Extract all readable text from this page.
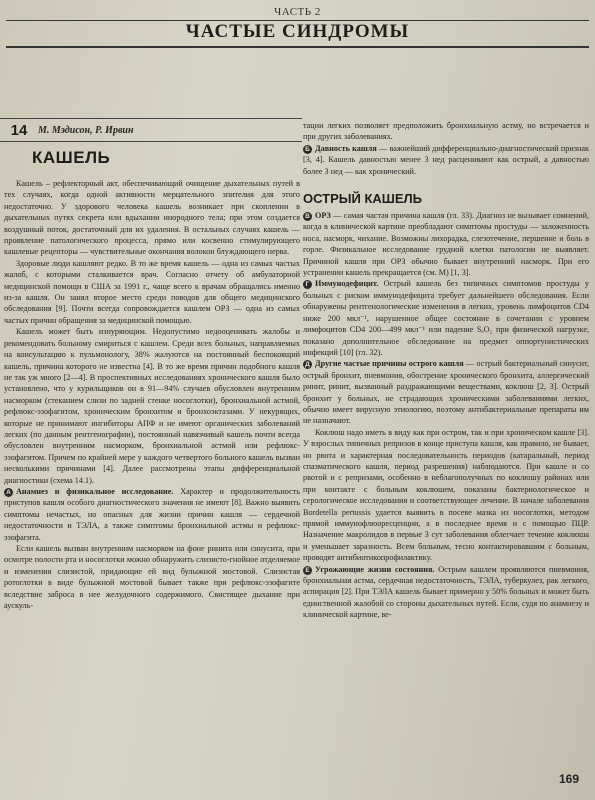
ЧАСТЬ 2
ЧАСТЫЕ СИНДРОМЫ
14	М. Мэдисон, Р. Ирвин
КАШЕЛЬ

Кашель – рефлекторный акт, обеспечивающий очищение дыхательных путей в тех случаях, когда одной активности мерцательного эпителия для этого недостаточно. У здорового человека кашель возникает при скоплении в дыхательных путях секрета или вдыхании инородного тела; при этом создается воздушный поток, достаточный для их удаления. В остальных случаях кашель — проявление патологического процесса, прямо или косвенно стимулирующего кашлевые рецепторы — чувствительные окончания волокон блуждающего нерва.

Здоровые люди кашляют редко. В то же время кашель — одна из самых частых жалоб, с которыми сталкивается врач. Согласно отчету об амбулаторной медицинской помощи в США за 1991 г., чаще всего к врачам обращались именно из-за кашля. Он занял второе место среди поводов для общего медицинского обследования [9]. Почти всегда сопровождается кашлем ОРЗ — одна из самых частых причин обращения за медицинской помощью.

Кашель может быть изнуряющим. Недопустимо недооценивать жалобы и рекомендовать больному смириться с кашлем. Среди всех больных, направляемых на консультацию к пульмонологу, 38% жалуются на постоянный беспокоящий кашель, причина которого не известна [4]. В то же время причин подобного кашля не так уж много [2—4]. В проспективных исследованиях хронического кашля было установлено, что у курильщиков он в 91—94% случаев обусловлен внутренним насморком (стеканием слизи по задней стенке носоглотки), бронхиальной астмой, рефлюкс-эзофагитом, хроническим бронхитом и бронхоэктазами. У некурящих, которые не принимают ингибиторы АПФ и не имеют органических заболеваний легких (по данным рентгенографии), постоянный навязчивый кашель почти всегда обусловлен внутренним насморком, бронхиальной астмой или рефлюкс-эзофагитом. Причем по крайней мере у каждого четвертого больного кашель вызван несколькими причинами [4]. Далее рассмотрены этапы дифференциальной диагностики (схема 14.1).

А Анамнез и физикальное исследование. Характер и продолжительность приступов кашля особого диагностического значения не имеют [8]. Важно выявить симптомы нечастых, но опасных для жизни причин кашля — сердечной недостаточности и ТЭЛА, а также симптомы бронхиальной астмы и рефлюкс-эзофагита.

Если кашель вызван внутренним насморком на фоне ринита или синусита, при осмотре полости рта и носоглотки можно обнаружить слизисто-гнойное отделяемое и изменения слизистой, придающие ей вид булыжной мостовой. Слизистая ротоглотки в виде булыжной мостовой бывает также при рефлюкс-эзофагите вследствие заброса в нее желудочного содержимого. Свистящее дыхание при аускуль-

тации легких позволяет предположить бронхиальную астму, но встречается и при других заболеваниях.

Б Давность кашля — важнейший дифференциально-диагностический признак [3, 4]. Кашель давностью менее 3 нед расценивают как острый, а давностью более 3 нед — как хронический.

ОСТРЫЙ КАШЕЛЬ

В ОРЗ — самая частая причина кашля (гл. 33). Диагноз не вызывает сомнений, когда в клинической картине преобладают симптомы простуды — заложенность носа, насморк, чихание. Возможны лихорадка, слезотечение, першение и боль в горле. Физикальное исследование грудной клетки патологии не выявляет. Причиной кашля при ОРЗ обычно бывает внутренний насморк. При его устранении кашель прекращается (см. М) [1, 3].

Г Иммунодефицит. Острый кашель без типичных симптомов простуды у больных с риском иммунодефицита требует дальнейшего обследования. Если обнаружены рентгенологические изменения в легких, уровень лимфоцитов CD4 ниже 200 мкл⁻¹, нарушенное общее состояние в сочетании с уровнем лимфоцитов CD4 200—499 мкл⁻¹ или падение SₐO₂ при физической нагрузке, показано дополнительное обследование на предмет оппортунистических инфекций [10] (гл. 32).

Д Другие частые причины острого кашля — острый бактериальный синусит, острый бронхит, пневмония, обострение хронического бронхита, аллергический ринит, ринит, вызванный раздражающими веществами, коклюш [2, 3]. Острый бронхит у больных, не страдающих хроническими заболеваниями легких, обычно имеет вирусную этиологию, поэтому антибактериальные препараты им не назначают.

Коклюш надо иметь в виду как при остром, так и при хроническом кашле [3]. У взрослых типичных репризов в конце приступа кашля, как правило, не бывает, но рвота и характерная последовательность периодов (катаральный, период спазматического кашля, период разрешения) наблюдаются. При кашле и со рвотой и с репризами, особенно в неблагополучных по коклюшу районах или при контакте с больным коклюшем, показаны бактериологическое и серологическое исследования и соответствующее лечение. В начале заболевания Bordetella pertussis удается выявить в посеве мазка из носоглотки, методом прямой иммунофлюоресценции, а в последнее время и с помощью ПЦР. Назначение макролидов в первые 3 сут заболевания облегчает течение коклюша и уменьшает заразность. Всем больным, тесно контактировавшим с больным, проводят антибиотикопрофилактику.

Е Угрожающие жизни состояния. Острым кашлем проявляются пневмония, бронхиальная астма, сердечная недостаточность, ТЭЛА, туберкулез, рак легкого, аспирация [2]. При ТЭЛА кашель бывает примерно у 50% больных и может быть единственной жалобой со стороны дыхательных путей. Если, судя по анамнезу и клинической картине, ве-

169
